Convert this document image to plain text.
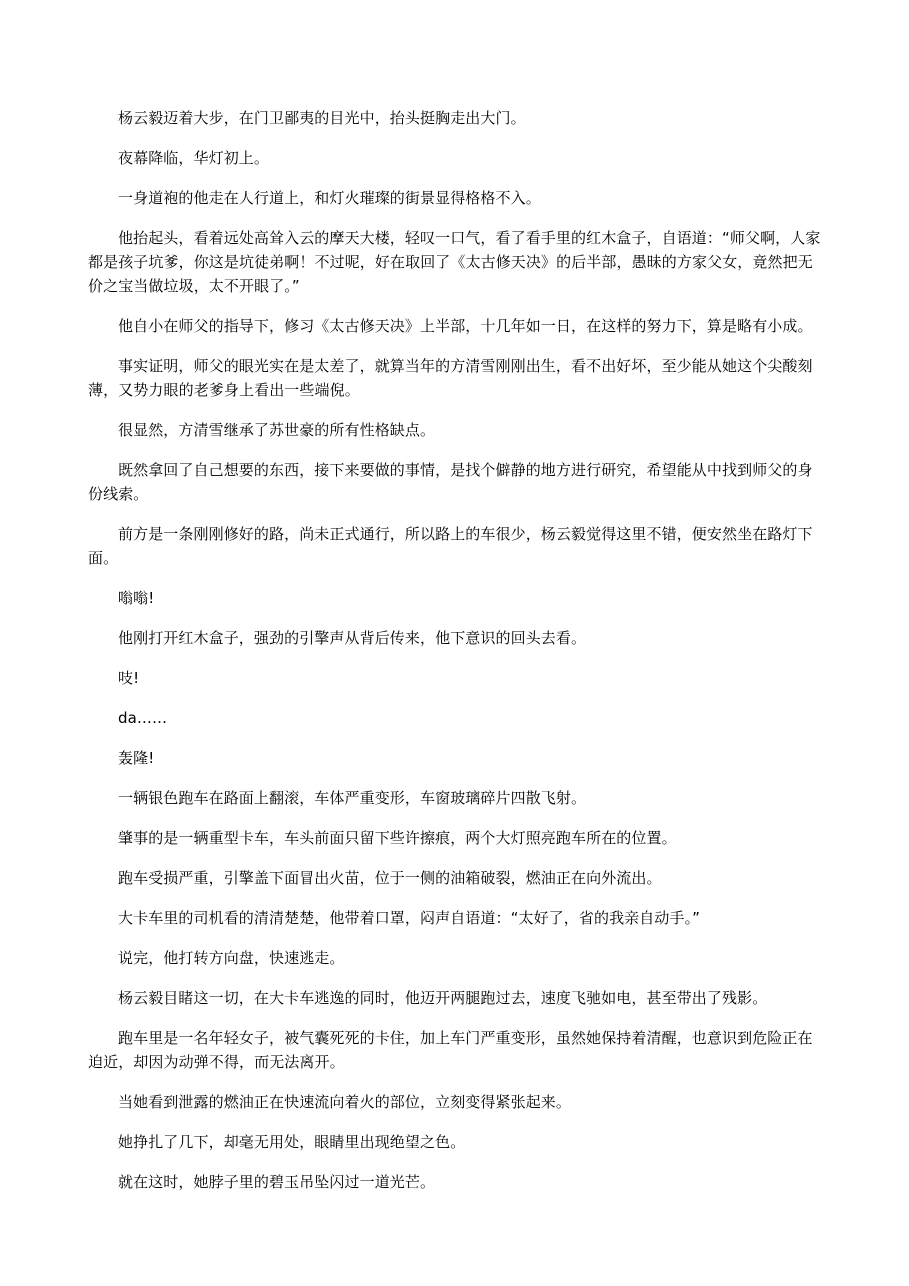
杨云毅迈着大步，在门卫鄙夷的目光中，抬头挺胸走出大门。

夜幕降临，华灯初上。

一身道袍的他走在人行道上，和灯火璀璨的街景显得格格不入。

他抬起头，看着远处高耸入云的摩天大楼，轻叹一口气，看了看手里的红木盒子，自语道：“师父啊，人家都是孩子坑爹，你这是坑徒弟啊！不过呢，好在取回了《太古修天决》的后半部，愚昧的方家父女，竟然把无价之宝当做垃圾，太不开眼了。”

他自小在师父的指导下，修习《太古修天决》上半部，十几年如一日，在这样的努力下，算是略有小成。

事实证明，师父的眼光实在是太差了，就算当年的方清雪刚刚出生，看不出好坏，至少能从她这个尖酸刻薄，又势力眼的老爹身上看出一些端倪。

很显然，方清雪继承了苏世豪的所有性格缺点。

既然拿回了自己想要的东西，接下来要做的事情，是找个僻静的地方进行研究，希望能从中找到师父的身份线索。

前方是一条刚刚修好的路，尚未正式通行，所以路上的车很少，杨云毅觉得这里不错，便安然坐在路灯下面。

嗡嗡!

他刚打开红木盒子，强劲的引擎声从背后传来，他下意识的回头去看。

吱!

da……

轰隆!

一辆银色跑车在路面上翻滚，车体严重变形，车窗玻璃碎片四散飞射。

肇事的是一辆重型卡车，车头前面只留下些许擦痕，两个大灯照亮跑车所在的位置。

跑车受损严重，引擎盖下面冒出火苗，位于一侧的油箱破裂，燃油正在向外流出。

大卡车里的司机看的清清楚楚，他带着口罩，闷声自语道：“太好了，省的我亲自动手。”

说完，他打转方向盘，快速逃走。

杨云毅目睹这一切，在大卡车逃逸的同时，他迈开两腿跑过去，速度飞驰如电，甚至带出了残影。

跑车里是一名年轻女子，被气囊死死的卡住，加上车门严重变形，虽然她保持着清醒，也意识到危险正在迫近，却因为动弹不得，而无法离开。

当她看到泄露的燃油正在快速流向着火的部位，立刻变得紧张起来。

她挣扎了几下，却毫无用处，眼睛里出现绝望之色。

就在这时，她脖子里的碧玉吊坠闪过一道光芒。
